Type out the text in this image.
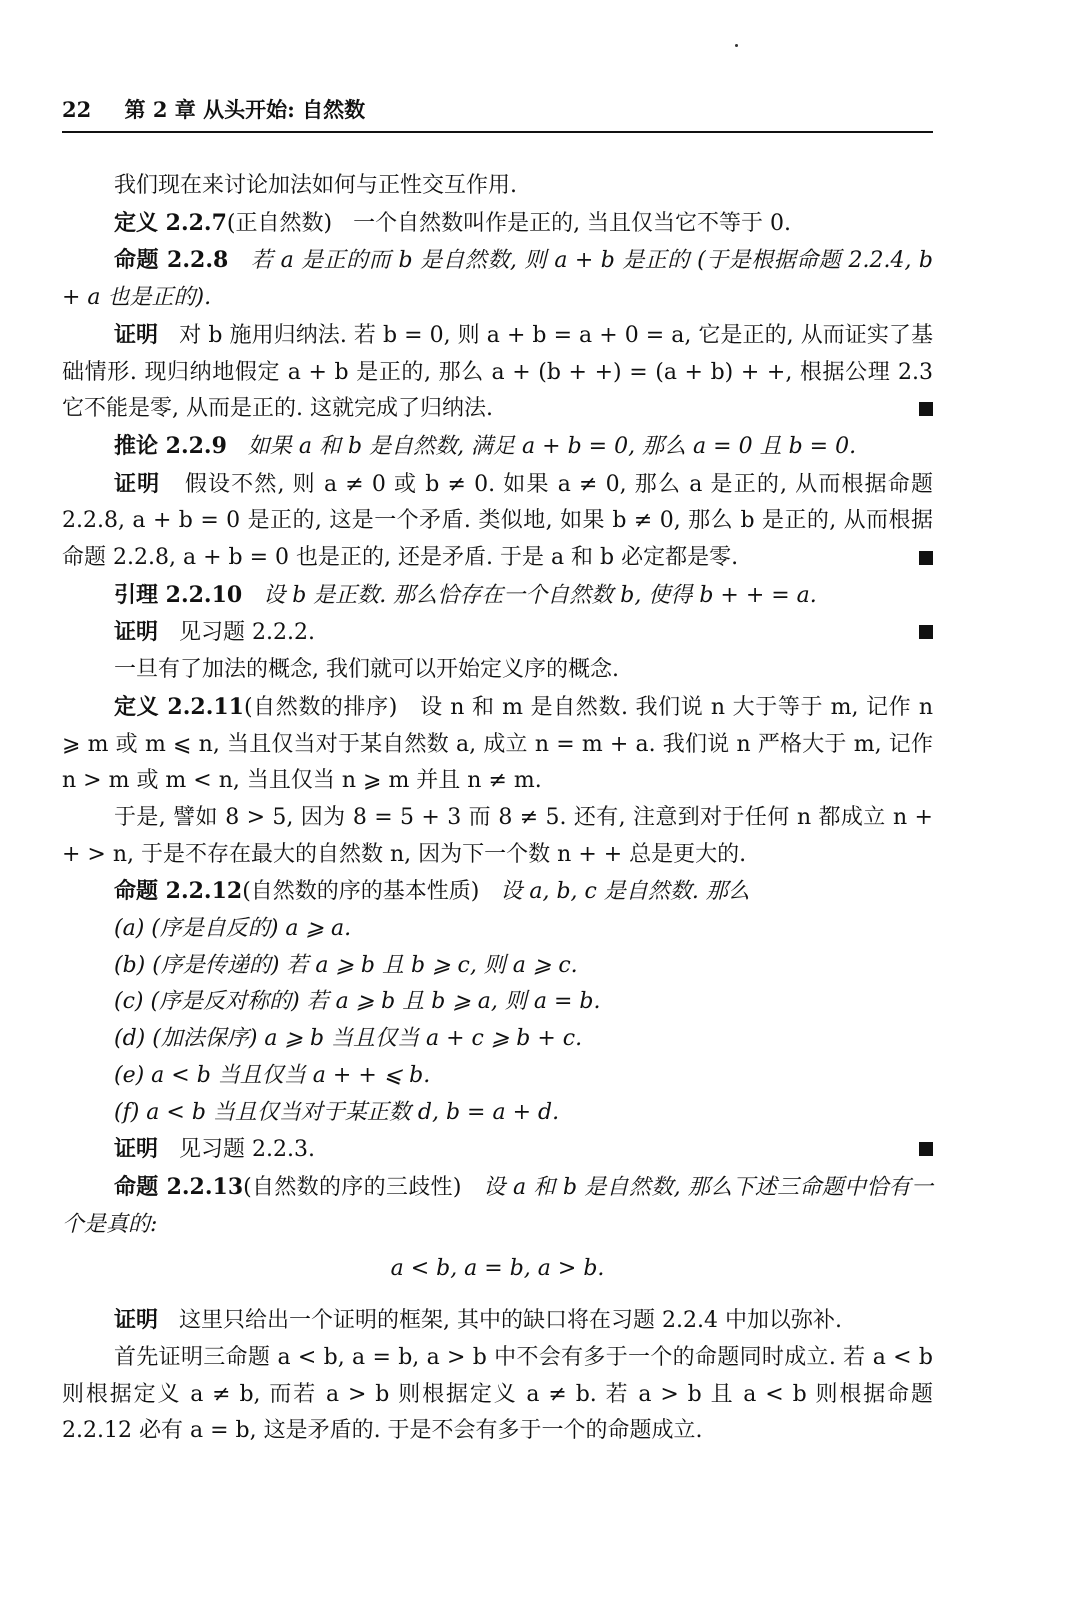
22 第 2 章 从头开始: 自然数

我们现在来讨论加法如何与正性交互作用.

定义 2.2.7(正自然数) 一个自然数叫作是正的, 当且仅当它不等于 0.

命题 2.2.8 若 a 是正的而 b 是自然数, 则 a + b 是正的 (于是根据命题 2.2.4, b + a 也是正的).

证明 对 b 施用归纳法. 若 b = 0, 则 a + b = a + 0 = a, 它是正的, 从而证实了基础情形. 现归纳地假定 a + b 是正的, 那么 a + (b + +) = (a + b) + +, 根据公理 2.3 它不能是零, 从而是正的. 这就完成了归纳法.

推论 2.2.9 如果 a 和 b 是自然数, 满足 a + b = 0, 那么 a = 0 且 b = 0.

证明 假设不然, 则 a ≠ 0 或 b ≠ 0. 如果 a ≠ 0, 那么 a 是正的, 从而根据命题 2.2.8, a + b = 0 是正的, 这是一个矛盾. 类似地, 如果 b ≠ 0, 那么 b 是正的, 从而根据命题 2.2.8, a + b = 0 也是正的, 还是矛盾. 于是 a 和 b 必定都是零.

引理 2.2.10 设 b 是正数. 那么恰存在一个自然数 b, 使得 b + + = a.

证明 见习题 2.2.2.

一旦有了加法的概念, 我们就可以开始定义序的概念.

定义 2.2.11(自然数的排序) 设 n 和 m 是自然数. 我们说 n 大于等于 m, 记作 n ⩾ m 或 m ⩽ n, 当且仅当对于某自然数 a, 成立 n = m + a. 我们说 n 严格大于 m, 记作 n > m 或 m < n, 当且仅当 n ⩾ m 并且 n ≠ m.

于是, 譬如 8 > 5, 因为 8 = 5 + 3 而 8 ≠ 5. 还有, 注意到对于任何 n 都成立 n + + > n, 于是不存在最大的自然数 n, 因为下一个数 n + + 总是更大的.

命题 2.2.12(自然数的序的基本性质) 设 a, b, c 是自然数. 那么

(a) (序是自反的) a ⩾ a.

(b) (序是传递的) 若 a ⩾ b 且 b ⩾ c, 则 a ⩾ c.

(c) (序是反对称的) 若 a ⩾ b 且 b ⩾ a, 则 a = b.

(d) (加法保序) a ⩾ b 当且仅当 a + c ⩾ b + c.

(e) a < b 当且仅当 a + + ⩽ b.

(f) a < b 当且仅当对于某正数 d, b = a + d.

证明 见习题 2.2.3.

命题 2.2.13(自然数的序的三歧性) 设 a 和 b 是自然数, 那么下述三命题中恰有一个是真的:

a < b, a = b, a > b.

证明 这里只给出一个证明的框架, 其中的缺口将在习题 2.2.4 中加以弥补.

首先证明三命题 a < b, a = b, a > b 中不会有多于一个的命题同时成立. 若 a < b 则根据定义 a ≠ b, 而若 a > b 则根据定义 a ≠ b. 若 a > b 且 a < b 则根据命题 2.2.12 必有 a = b, 这是矛盾的. 于是不会有多于一个的命题成立.
